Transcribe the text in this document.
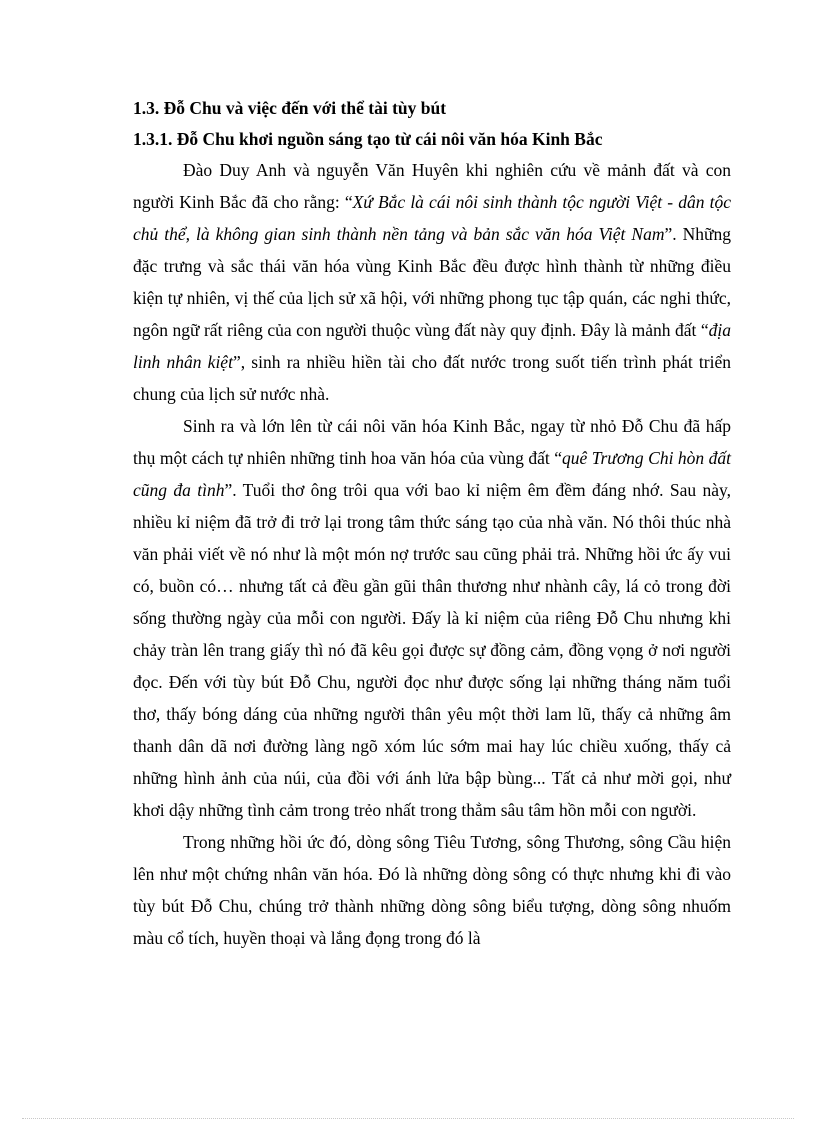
1.3. Đỗ Chu và việc đến với thể tài tùy bút
1.3.1. Đỗ Chu khơi nguồn sáng tạo từ cái nôi văn hóa Kinh Bắc

Đào Duy Anh và nguyễn Văn Huyên khi nghiên cứu về mảnh đất và con người Kinh Bắc đã cho rằng: “Xứ Bắc là cái nôi sinh thành tộc người Việt - dân tộc chủ thể, là không gian sinh thành nền tảng và bản sắc văn hóa Việt Nam”. Những đặc trưng và sắc thái văn hóa vùng Kinh Bắc đều được hình thành từ những điều kiện tự nhiên, vị thế của lịch sử xã hội, với những phong tục tập quán, các nghi thức, ngôn ngữ rất riêng của con người thuộc vùng đất này quy định. Đây là mảnh đất “địa linh nhân kiệt”, sinh ra nhiều hiền tài cho đất nước trong suốt tiến trình phát triển chung của lịch sử nước nhà.

Sinh ra và lớn lên từ cái nôi văn hóa Kinh Bắc, ngay từ nhỏ Đỗ Chu đã hấp thụ một cách tự nhiên những tinh hoa văn hóa của vùng đất “quê Trương Chi hòn đất cũng đa tình”. Tuổi thơ ông trôi qua với bao kỉ niệm êm đềm đáng nhớ. Sau này, nhiều kỉ niệm đã trở đi trở lại trong tâm thức sáng tạo của nhà văn. Nó thôi thúc nhà văn phải viết về nó như là một món nợ trước sau cũng phải trả. Những hồi ức ấy vui có, buồn có… nhưng tất cả đều gần gũi thân thương như nhành cây, lá cỏ trong đời sống thường ngày của mỗi con người. Đấy là kỉ niệm của riêng Đỗ Chu nhưng khi chảy tràn lên trang giấy thì nó đã kêu gọi được sự đồng cảm, đồng vọng ở nơi người đọc. Đến với tùy bút Đỗ Chu, người đọc như được sống lại những tháng năm tuổi thơ, thấy bóng dáng của những người thân yêu một thời lam lũ, thấy cả những âm thanh dân dã nơi đường làng ngõ xóm lúc sớm mai hay lúc chiều xuống, thấy cả những hình ảnh của núi, của đồi với ánh lửa bập bùng... Tất cả như mời gọi, như khơi dậy những tình cảm trong trẻo nhất trong thẳm sâu tâm hồn mỗi con người.

Trong những hồi ức đó, dòng sông Tiêu Tương, sông Thương, sông Cầu hiện lên như một chứng nhân văn hóa. Đó là những dòng sông có thực nhưng khi đi vào tùy bút Đỗ Chu, chúng trở thành những dòng sông biểu tượng, dòng sông nhuốm màu cổ tích, huyền thoại và lắng đọng trong đó là
